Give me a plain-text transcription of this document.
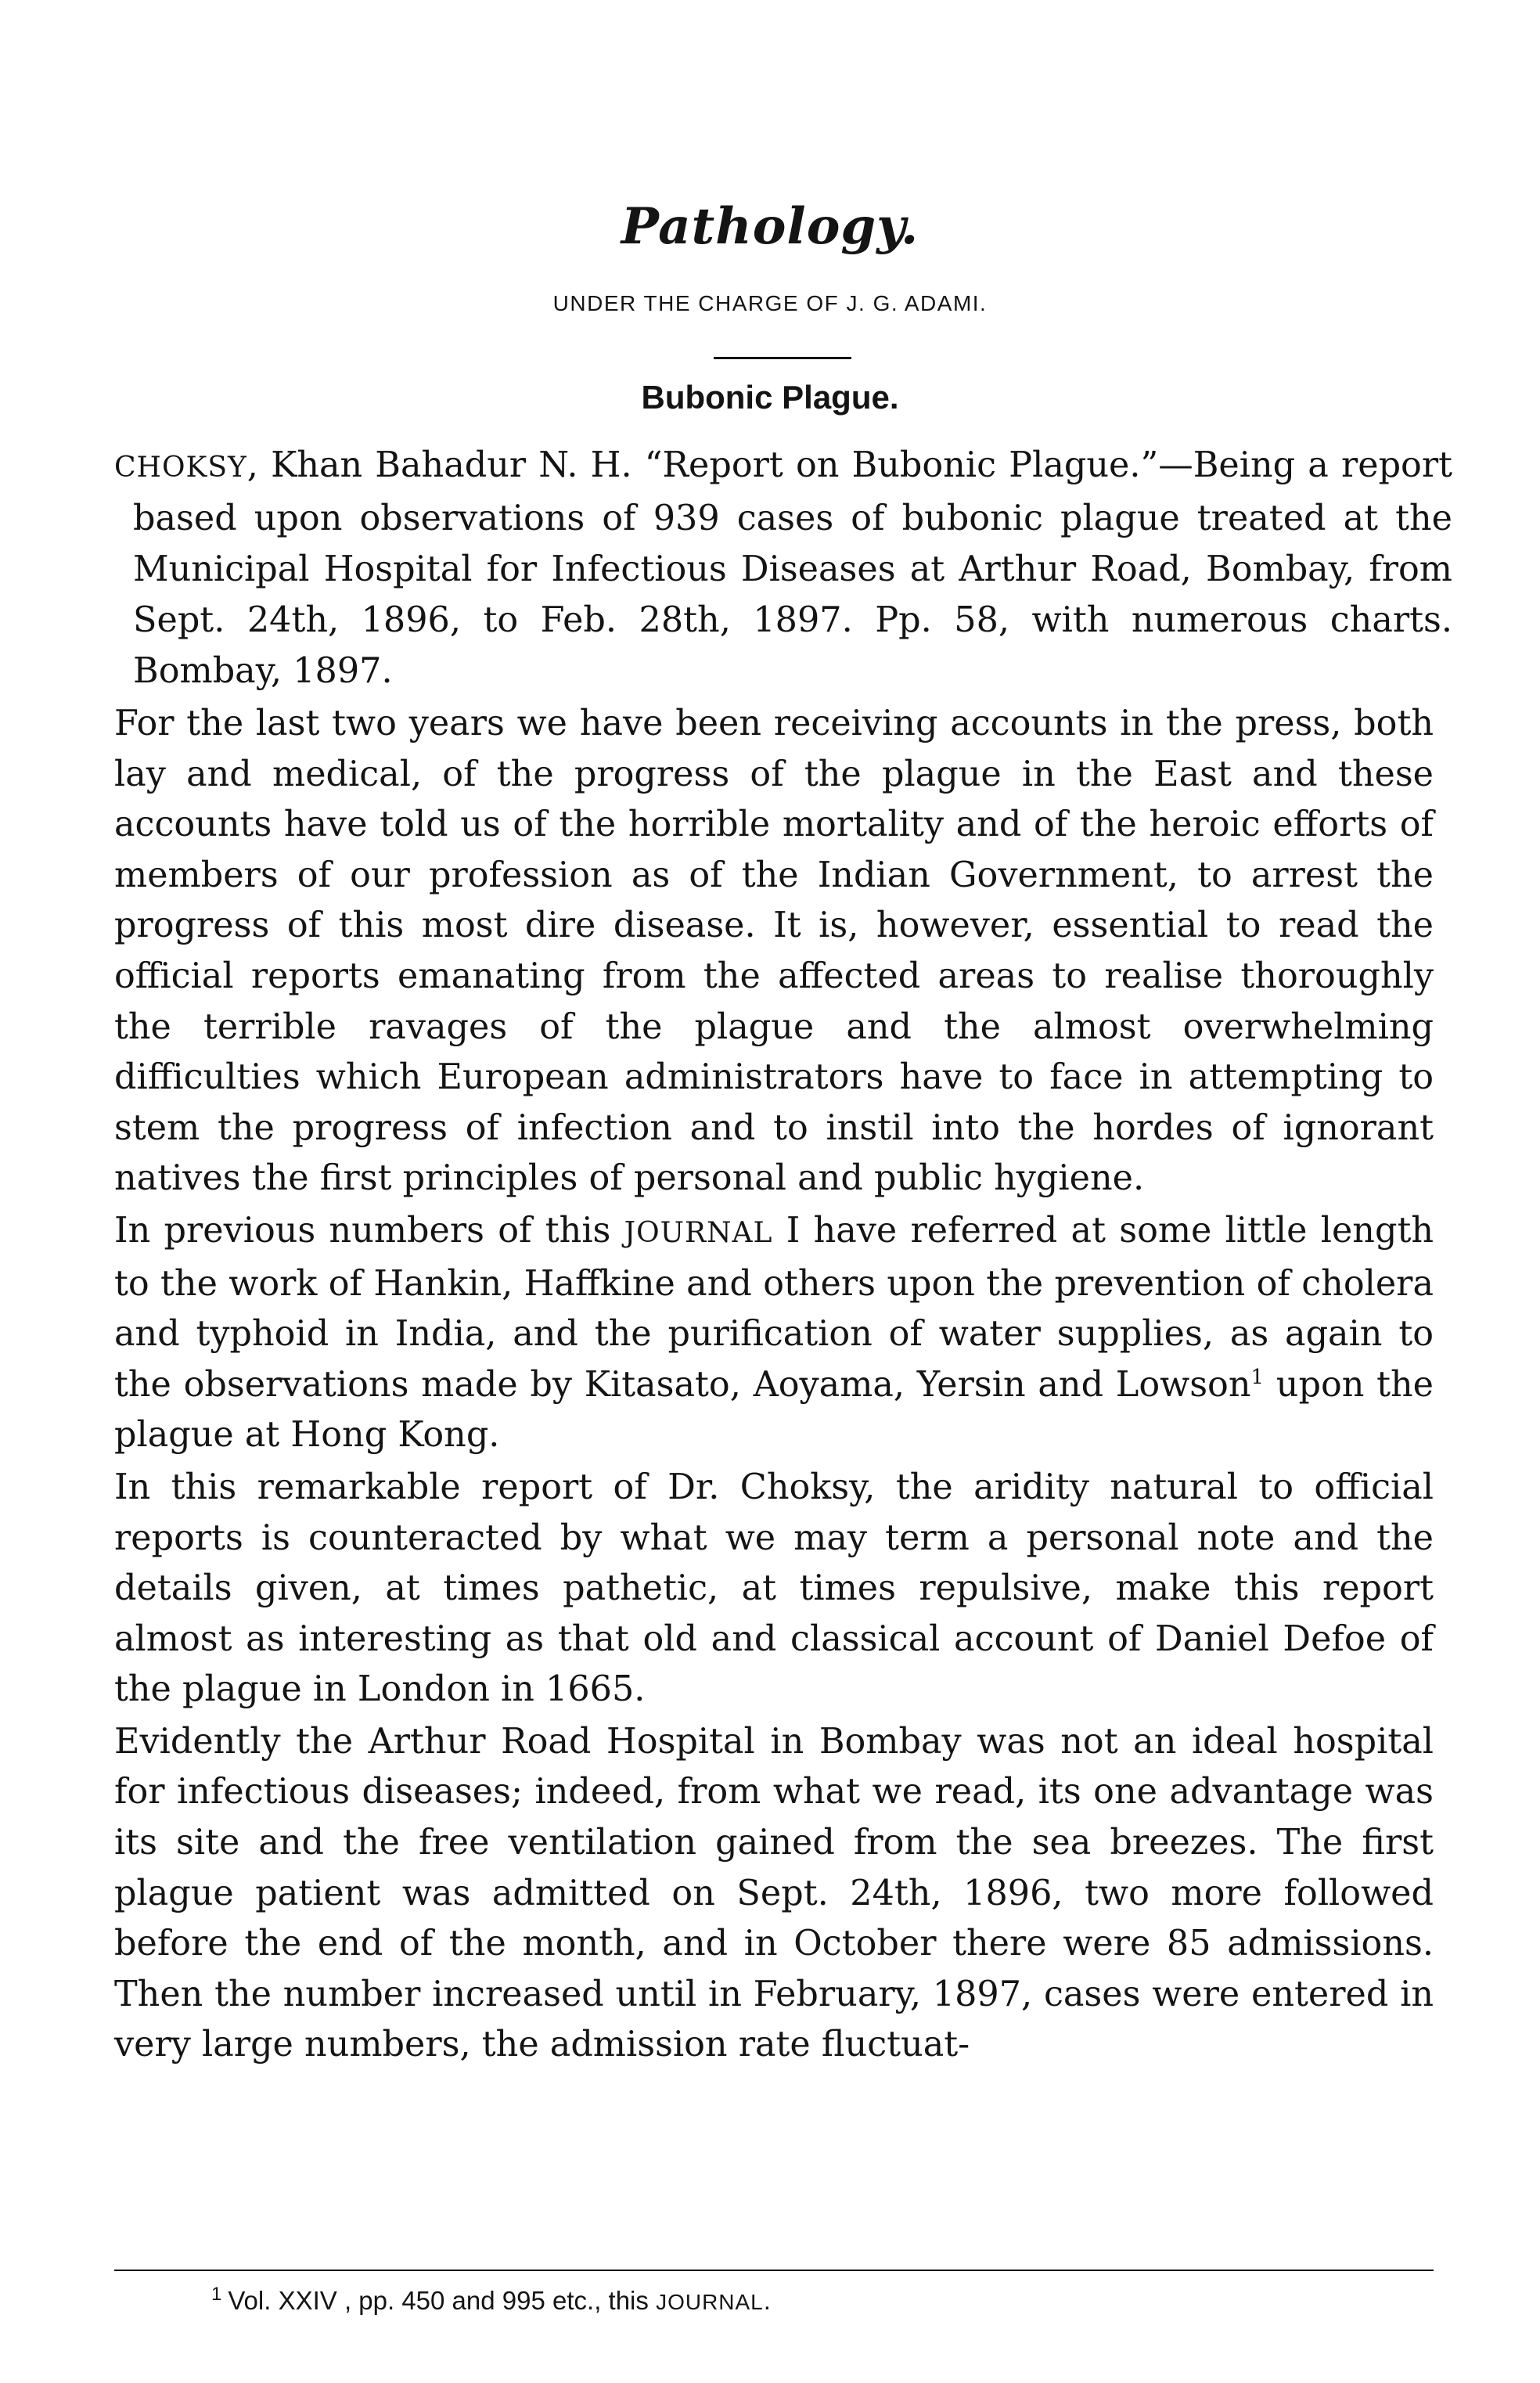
Pathology.

UNDER THE CHARGE OF J. G. ADAMI.

Bubonic Plague.

CHOKSY, Khan Bahadur N. H. “Report on Bubonic Plague.”—Being a report based upon observations of 939 cases of bubonic plague treated at the Municipal Hospital for Infectious Diseases at Arthur Road, Bombay, from Sept. 24th, 1896, to Feb. 28th, 1897. Pp. 58, with numerous charts. Bombay, 1897.

For the last two years we have been receiving accounts in the press, both lay and medical, of the progress of the plague in the East and these accounts have told us of the horrible mortality and of the heroic efforts of members of our profession as of the Indian Government, to arrest the progress of this most dire disease. It is, however, essential to read the official reports emanating from the affected areas to realise thoroughly the terrible ravages of the plague and the almost overwhelming difficulties which European administrators have to face in attempting to stem the progress of infection and to instil into the hordes of ignorant natives the first principles of personal and public hygiene.

In previous numbers of this JOURNAL I have referred at some little length to the work of Hankin, Haffkine and others upon the prevention of cholera and typhoid in India, and the purification of water supplies, as again to the observations made by Kitasato, Aoyama, Yersin and Lowson$^1$ upon the plague at Hong Kong.

In this remarkable report of Dr. Choksy, the aridity natural to official reports is counteracted by what we may term a personal note and the details given, at times pathetic, at times repulsive, make this report almost as interesting as that old and classical account of Daniel Defoe of the plague in London in 1665.

Evidently the Arthur Road Hospital in Bombay was not an ideal hospital for infectious diseases; indeed, from what we read, its one advantage was its site and the free ventilation gained from the sea breezes. The first plague patient was admitted on Sept. 24th, 1896, two more followed before the end of the month, and in October there were 85 admissions. Then the number increased until in February, 1897, cases were entered in very large numbers, the admission rate fluctuat-

$^1$ Vol. XXIV , pp. 450 and 995 etc., this JOURNAL.
